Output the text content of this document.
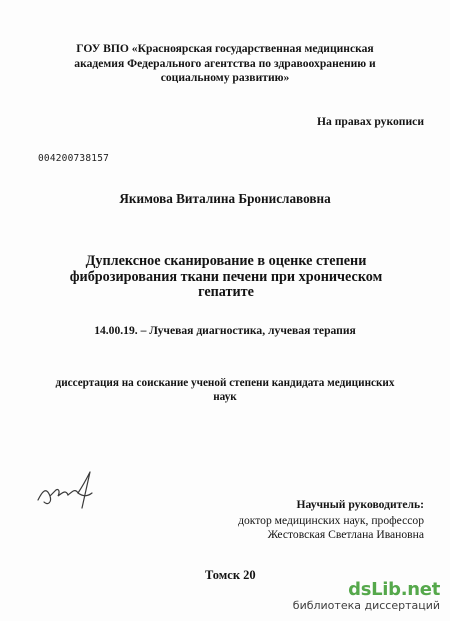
ГОУ ВПО «Красноярская государственная медицинская академия Федерального агентства по здравоохранению и социальному развитию»
На правах рукописи
004200738157
Якимова Виталина Брониславовна
Дуплексное сканирование в оценке степени фиброзирования ткани печени при хроническом гепатите
14.00.19. – Лучевая диагностика, лучевая терапия
диссертация на соискание ученой степени кандидата медицинских наук
Научный руководитель:
доктор медицинских наук, профессор
Жестовская Светлана Ивановна
Томск 20
dsLib.net
библиотека диссертаций
